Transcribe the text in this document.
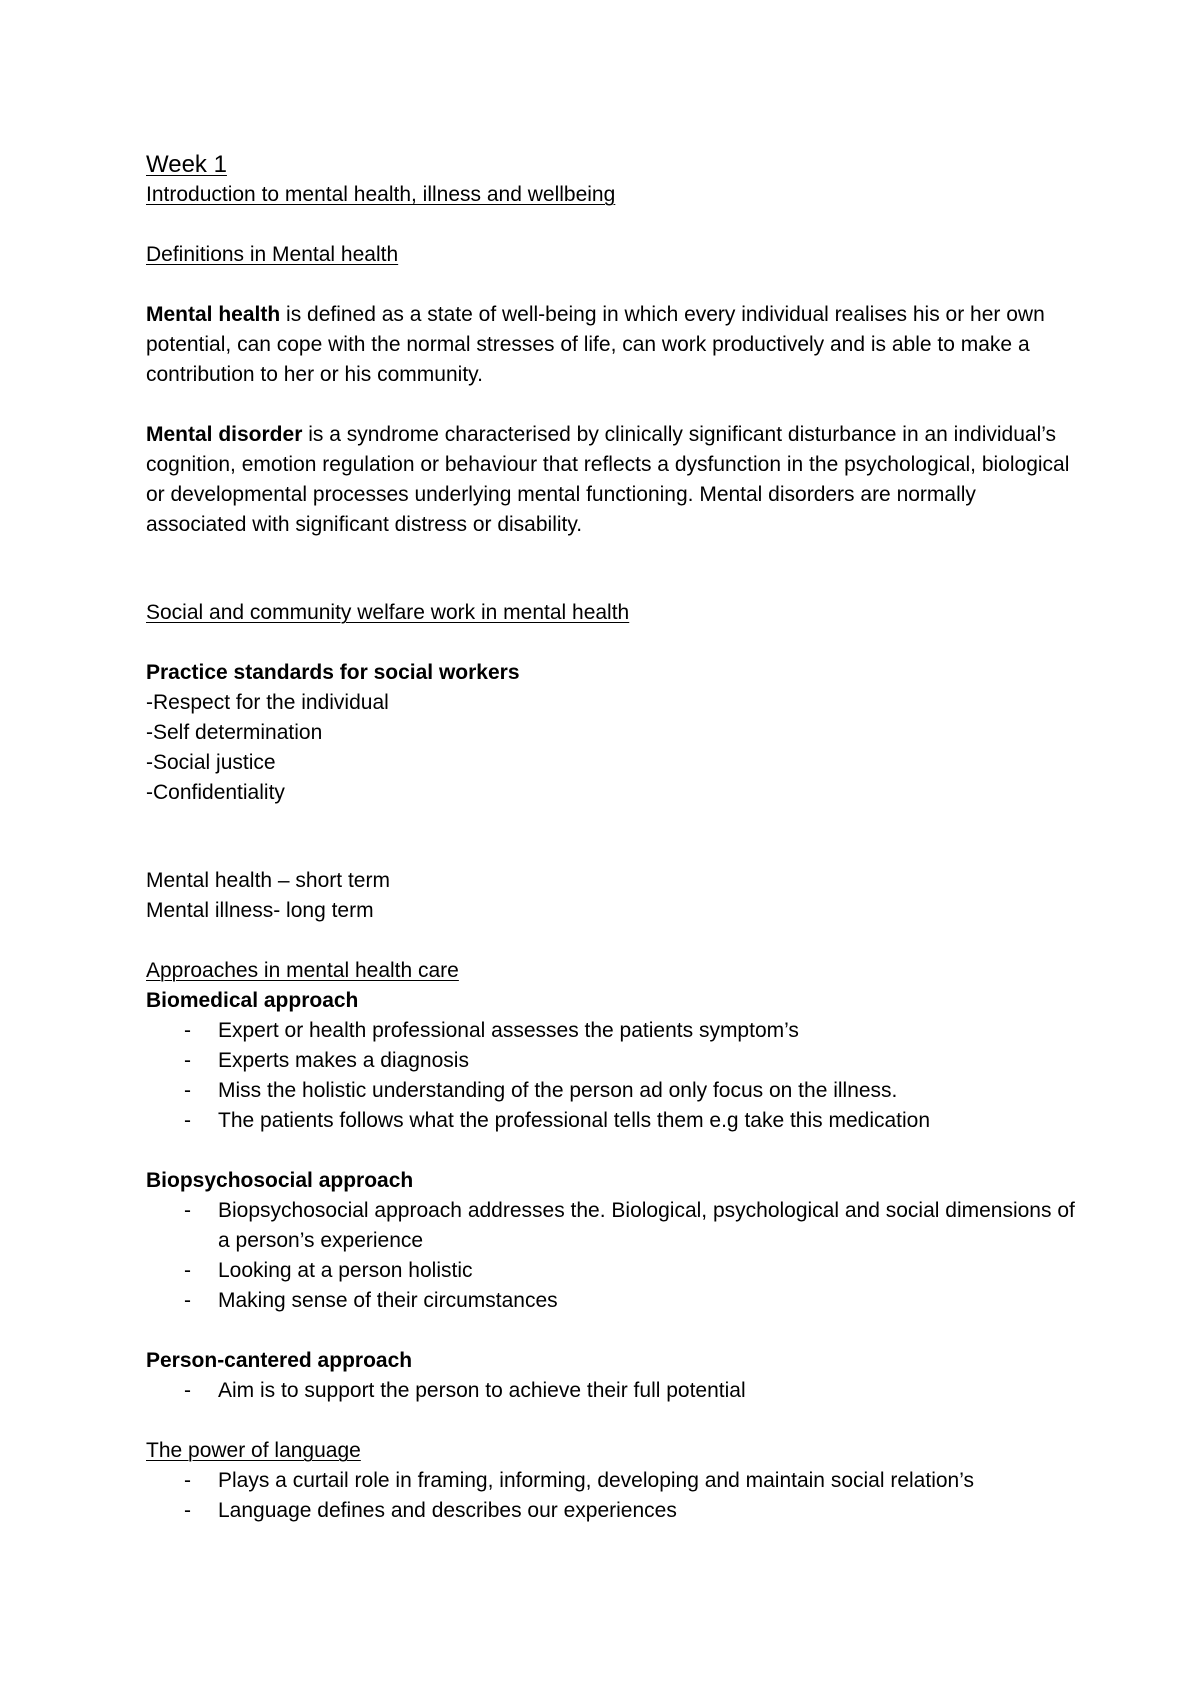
Week 1

Introduction to mental health, illness and wellbeing

Definitions in Mental health

Mental health is defined as a state of well-being in which every individual realises his or her own potential, can cope with the normal stresses of life, can work productively and is able to make a contribution to her or his community.

Mental disorder is a syndrome characterised by clinically significant disturbance in an individual’s cognition, emotion regulation or behaviour that reflects a dysfunction in the psychological, biological or developmental processes underlying mental functioning. Mental disorders are normally associated with significant distress or disability.

Social and community welfare work in mental health

Practice standards for social workers

-Respect for the individual

-Self determination

-Social justice

-Confidentiality

Mental health – short term

Mental illness- long term

Approaches in mental health care

Biomedical approach

- Expert or health professional assesses the patients symptom’s
- Experts makes a diagnosis
- Miss the holistic understanding of the person ad only focus on the illness.
- The patients follows what the professional tells them e.g take this medication

Biopsychosocial approach

- Biopsychosocial approach addresses the. Biological, psychological and social dimensions of a person’s experience
- Looking at a person holistic
- Making sense of their circumstances

Person-cantered approach

- Aim is to support the person to achieve their full potential

The power of language

- Plays a curtail role in framing, informing, developing and maintain social relation’s
- Language defines and describes our experiences
